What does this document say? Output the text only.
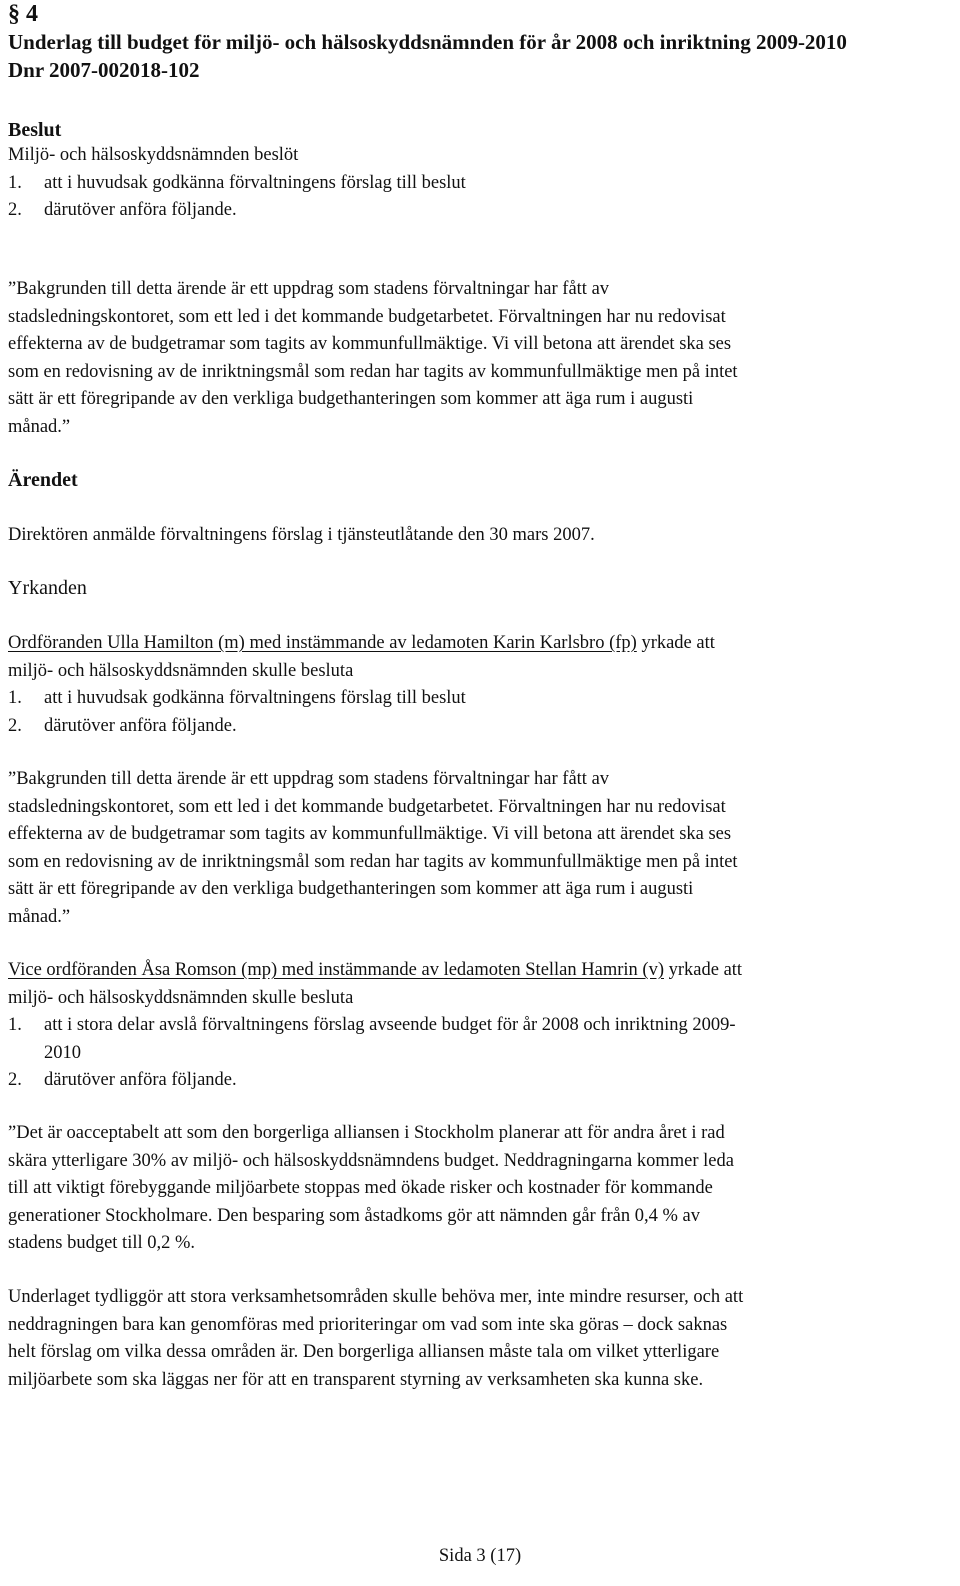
§ 4
Underlag till budget för miljö- och hälsoskyddsnämnden för år 2008 och inriktning 2009-2010
Dnr 2007-002018-102
Beslut
Miljö- och hälsoskyddsnämnden beslöt
1.	att i huvudsak godkänna förvaltningens förslag till beslut
2.	därutöver anföra följande.
”Bakgrunden till detta ärende är ett uppdrag som stadens förvaltningar har fått av
stadsledningskontoret, som ett led i det kommande budgetarbetet. Förvaltningen har nu redovisat
effekterna av de budgetramar som tagits av kommunfullmäktige. Vi vill betona att ärendet ska ses
som en redovisning av de inriktningsmål som redan har tagits av kommunfullmäktige men på intet
sätt är ett föregripande av den verkliga budgethanteringen som kommer att äga rum i augusti
månad.”
Ärendet
Direktören anmälde förvaltningens förslag i tjänsteutlåtande den 30 mars 2007.
Yrkanden
Ordföranden Ulla Hamilton (m) med instämmande av ledamoten Karin Karlsbro (fp) yrkade att
miljö- och hälsoskyddsnämnden skulle besluta
1.	att i huvudsak godkänna förvaltningens förslag till beslut
2.	därutöver anföra följande.
”Bakgrunden till detta ärende är ett uppdrag som stadens förvaltningar har fått av
stadsledningskontoret, som ett led i det kommande budgetarbetet. Förvaltningen har nu redovisat
effekterna av de budgetramar som tagits av kommunfullmäktige. Vi vill betona att ärendet ska ses
som en redovisning av de inriktningsmål som redan har tagits av kommunfullmäktige men på intet
sätt är ett föregripande av den verkliga budgethanteringen som kommer att äga rum i augusti
månad.”
Vice ordföranden Åsa Romson (mp) med instämmande av ledamoten Stellan Hamrin (v) yrkade att
miljö- och hälsoskyddsnämnden skulle besluta
1.	att i stora delar avslå förvaltningens förslag avseende budget för år 2008 och inriktning 2009-
2010
2.	därutöver anföra följande.
”Det är oacceptabelt att som den borgerliga alliansen i Stockholm planerar att för andra året i rad
skära ytterligare 30% av miljö- och hälsoskyddsnämndens budget. Neddragningarna kommer leda
till att viktigt förebyggande miljöarbete stoppas med ökade risker och kostnader för kommande
generationer Stockholmare. Den besparing som åstadkoms gör att nämnden går från 0,4 % av
stadens budget till 0,2 %.
Underlaget tydliggör att stora verksamhetsområden skulle behöva mer, inte mindre resurser, och att
neddragningen bara kan genomföras med prioriteringar om vad som inte ska göras – dock saknas
helt förslag om vilka dessa områden är. Den borgerliga alliansen måste tala om vilket ytterligare
miljöarbete som ska läggas ner för att en transparent styrning av verksamheten ska kunna ske.
Sida 3 (17)
